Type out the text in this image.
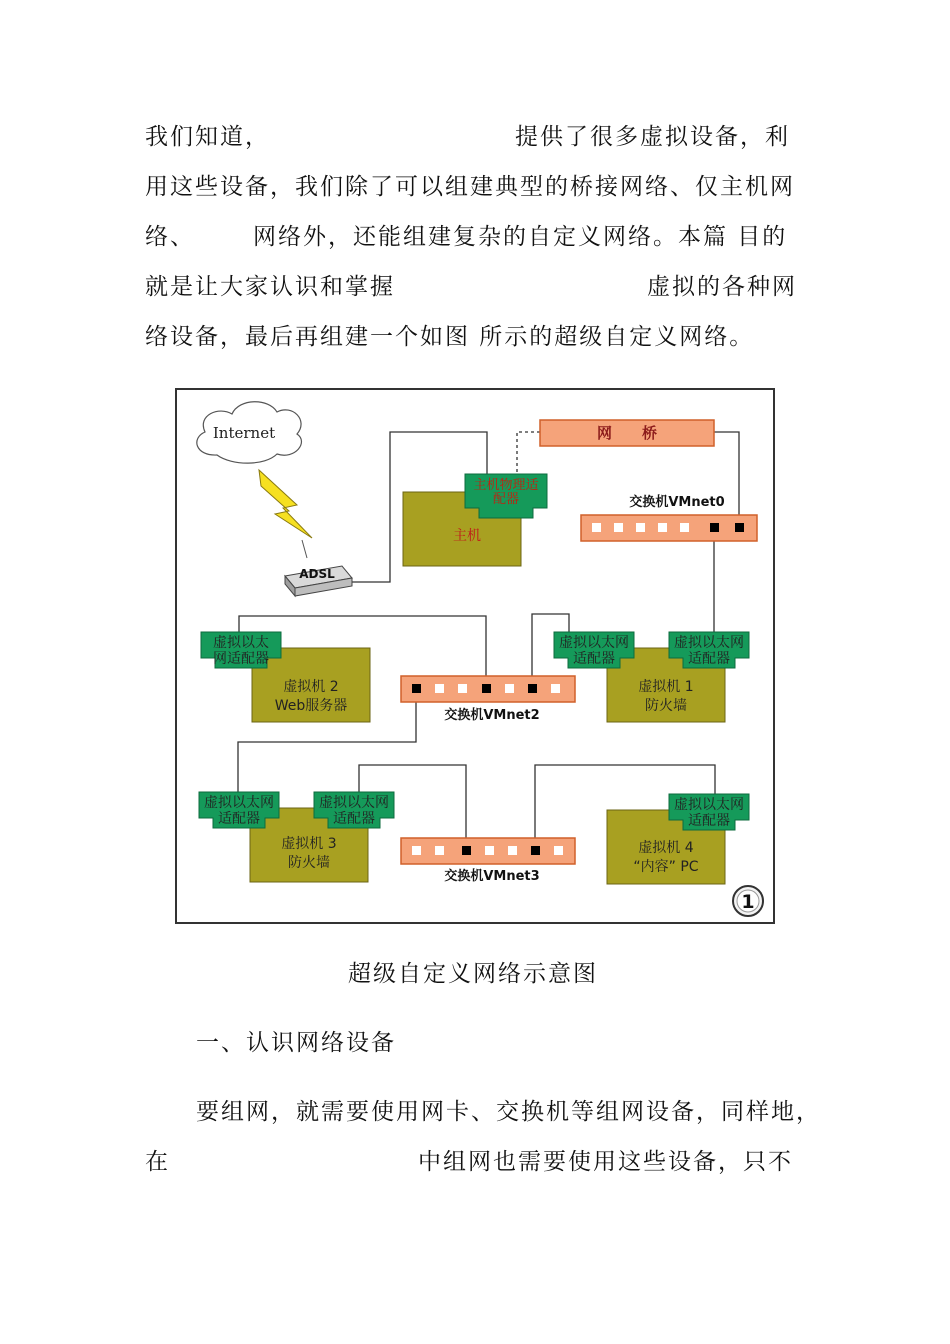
我们知道，	提供了很多虚拟设备，利
用这些设备，我们除了可以组建典型的桥接网络、仅主机网
络、	网络外，还能组建复杂的自定义网络。本篇 目的
就是让大家认识和掌握	虚拟的各种网
络设备，最后再组建一个如图 所示的超级自定义网络。
Internet
ADSL
网　　桥
主机
主机物理适
配器	交换机VMnet0
虚拟以太
网适配器
虚拟机 2
Web服务器
交换机VMnet2
虚拟以太网
适配器
虚拟以太网
适配器
虚拟机 1
防火墙
虚拟以太网
适配器
虚拟以太网
适配器
虚拟机 3
防火墙
交换机VMnet3
虚拟以太网
适配器
虚拟机 4
“内容” PC
1
超级自定义网络示意图
一、认识网络设备
要组网，就需要使用网卡、交换机等组网设备，同样地，
在	中组网也需要使用这些设备，只不
